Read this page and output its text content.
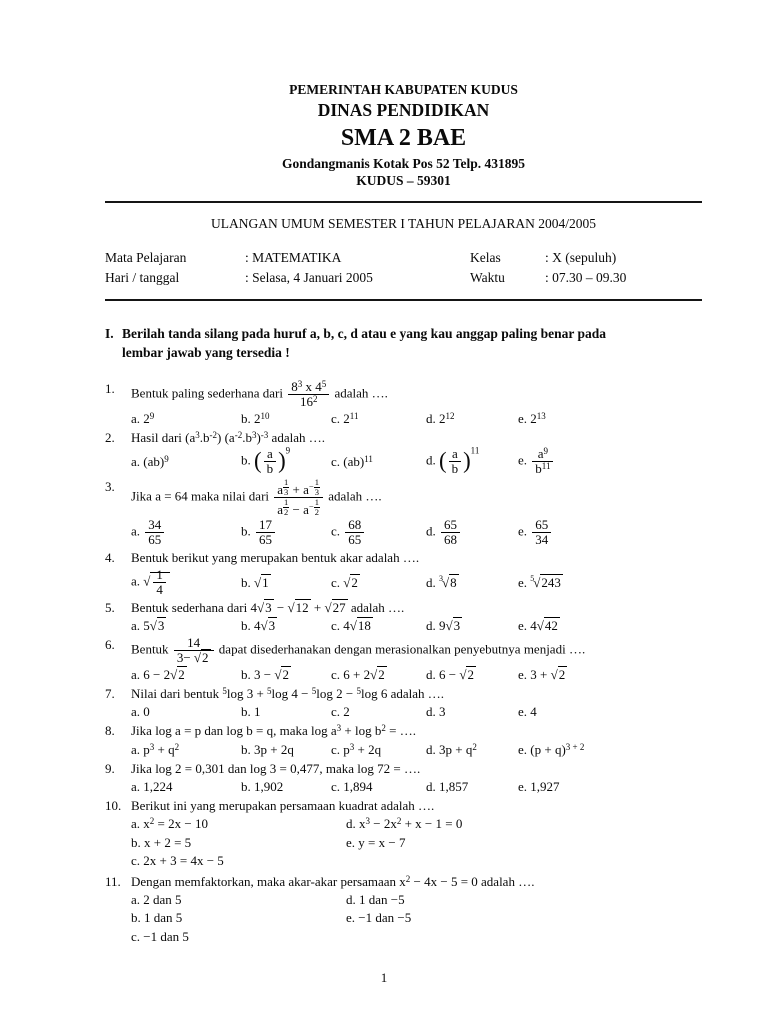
PEMERINTAH KABUPATEN KUDUS
DINAS PENDIDIKAN
SMA 2 BAE
Gondangmanis Kotak Pos 52 Telp. 431895
KUDUS – 59301
ULANGAN UMUM SEMESTER I TAHUN PELAJARAN 2004/2005
Mata Pelajaran	: MATEMATIKA
Hari / tanggal	: Selasa, 4 Januari 2005
Kelas	: X (sepuluh)
Waktu	: 07.30 – 09.30
I. Berilah tanda silang pada huruf a, b, c, d atau e yang kau anggap paling benar pada
lembar jawab yang tersedia !
1.	Bentuk paling sederhana dari $\frac{8^3 x 4^5}{16^2}$ adalah ….
a. $2^9$	b. $2^{10}$	c. $2^{11}$	d. $2^{12}$	e. $2^{13}$
2.	Hasil dari $(a^3.b^{-2})$ $(a^{-2}.b^3)^{-3}$ adalah ….
a. (ab)$^9$	b. ( $\frac{a}{b} )^9$
c. (ab)$^{11}$	d. ( $\frac{a}{b} )^{11}$
e. $\frac{a^9}{b^{11}}$
3.
Jika a = 64 maka nilai dari $\frac{a \frac{1}{3} + a- \frac{1}{3}}{a \frac{1}{2} - a- \frac{1}{2}}$ adalah ….
a. $\frac{34}{65}$	b. $\frac{17}{65}$	c. $\frac{68}{65}$	d. $\frac{65}{68}$	e. $\frac{65}{34}$
4.	Bentuk berikut yang merupakan bentuk akar adalah ….
a. √ $\frac{1}{4}$	b. √1	c. √2	d. $^3$√8	e. $^5$√243
5.	Bentuk sederhana dari 4√3 − √12 + √27 adalah ….
a. 5√3	b. 4√3	c. 4√18	d. 9√3	e. 4√42
6.	Bentuk $\frac{14}{3- √2}$ dapat disederhanakan dengan merasionalkan penyebutnya menjadi ….
a. 6 − 2√2	b. 3 − √2	c. 6 + 2√2	d. 6 − √2	e. 3 + √2
7.	Nilai dari bentuk $^5$log 3 + $^5$log 4 − $^5$log 2 − $^5$log 6 adalah ….
a. 0	b. 1	c. 2	d. 3	e. 4
8.	Jika log a = p dan log b = q, maka $\log a^3 + \log b^2$ = ….
a. $p^3 + q^2$	b. 3p + 2q	c. $p^3 + 2q$	d. $3p + q^2$	e. $(p + q)^{3 + 2}$
9.	Jika log 2 = 0,301 dan log 3 = 0,477, maka log 72 = ….
a. 1,224	b. 1,902	c. 1,894	d. 1,857	e. 1,927
10. Berikut ini yang merupakan persamaan kuadrat adalah ….
a. $x^2 = 2x - 10$
b. x + 2 = 5
c. 2x + 3 = 4x − 5
d. $x^3 - 2x^2 + x - 1 = 0$
e. y = x − 7
11. Dengan memfaktorkan, maka akar-akar persamaan $x^2 - 4x - 5 = 0$ adalah ….
a. 2 dan 5
b. 1 dan 5
c. −1 dan 5
d. 1 dan −5
e. −1 dan −5
1
